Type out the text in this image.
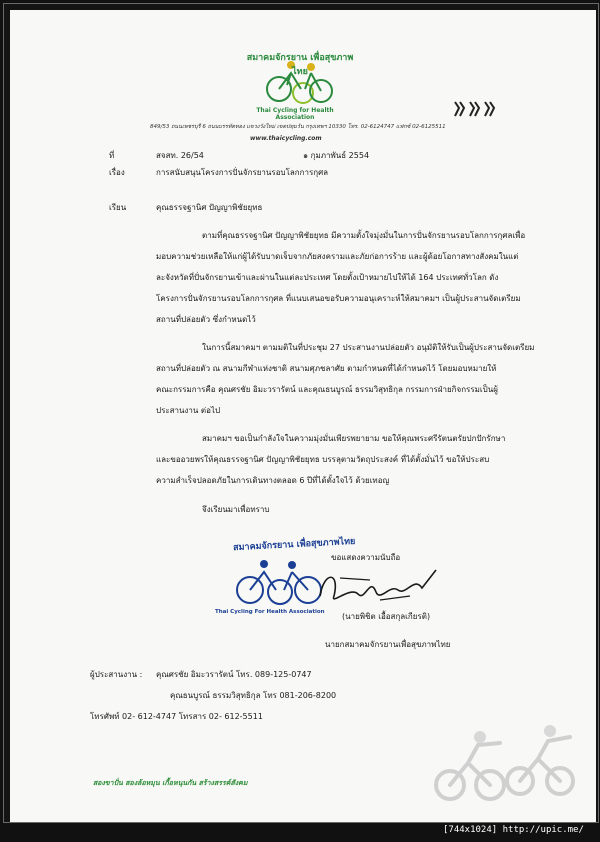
สมาคมจักรยาน เพื่อสุขภาพไทย
Thai Cycling for Health Association
849/53 ถนนเพชรบุรี 6 ถนนบรรทัดทอง แขวงวังใหม่ เขตปทุมวัน กรุงเทพฯ 10330 โทร. 02-6124747 แฟกซ์ 02-6125511
www.thaicycling.com
ที่	สจสท. 26/54	๑ กุมภาพันธ์ 2554
เรื่อง	การสนับสนุนโครงการปั่นจักรยานรอบโลกการกุศล
เรียน	คุณธรรจฐานิศ ปัญญาพิชัยยุทธ
ตามที่คุณธรรจฐานิศ ปัญญาพิชัยยุทธ มีความตั้งใจมุ่งมั่นในการปั่นจักรยานรอบโลกการกุศลเพื่อ
มอบความช่วยเหลือให้แก่ผู้ได้รับบาดเจ็บจากภัยสงครามและภัยก่อการร้าย และผู้ด้อยโอกาสทางสังคมในแต่
ละจังหวัดที่ปั่นจักรยานเข้าและผ่านในแต่ละประเทศ โดยตั้งเป้าหมายไปให้ได้ 164 ประเทศทั่วโลก ดัง
โครงการปั่นจักรยานรอบโลกการกุศล ที่แนบเสนอขอรับความอนุเคราะห์ให้สมาคมฯ เป็นผู้ประสานจัดเตรียม
สถานที่ปล่อยตัว ซึ่งกำหนดไว้
ในการนี้สมาคมฯ ตามมติในที่ประชุม 27 ประสานงานปล่อยตัว อนุมัติให้รับเป็นผู้ประสานจัดเตรียม
สถานที่ปล่อยตัว ณ สนามกีฬาแห่งชาติ สนามศุภชลาศัย ตามกำหนดที่ได้กำหนดไว้ โดยมอบหมายให้
คณะกรรมการคือ คุณศรชัย อิมะวรารัตน์ และคุณธนบูรณ์ ธรรมวิสุทธิกุล กรรมการฝ่ายกิจกรรมเป็นผู้
ประสานงาน ต่อไป
สมาคมฯ ขอเป็นกำลังใจในความมุ่งมั่นเพียรพยายาม ขอให้คุณพระศรีรัตนตรัยปกปักรักษา
และขออวยพรให้คุณธรรจฐานิศ ปัญญาพิชัยยุทธ บรรลุตามวัตถุประสงค์ ที่ได้ตั้งมั่นไว้ ขอให้ประสบ
ความสำเร็จปลอดภัยในการเดินทางตลอด 6 ปีที่ได้ตั้งใจไว้ ด้วยเทอญ
จึงเรียนมาเพื่อทราบ
สมาคมจักรยาน เพื่อสุขภาพไทย
Thai Cycling For Health Association
ขอแสดงความนับถือ
(นายพิชิต เอื้อสกุลเกียรติ)
นายกสมาคมจักรยานเพื่อสุขภาพไทย
ผู้ประสานงาน : คุณศรชัย อิมะวรารัตน์ โทร. 089-125-0747
คุณธนบูรณ์ ธรรมวิสุทธิกุล โทร 081-206-8200
โทรศัพท์ 02- 612-4747 โทรสาร 02- 612-5511
สองขาปั่น สองล้อหมุน เกื้อหนุนกัน สร้างสรรค์สังคม
[744x1024] http://upic.me/
